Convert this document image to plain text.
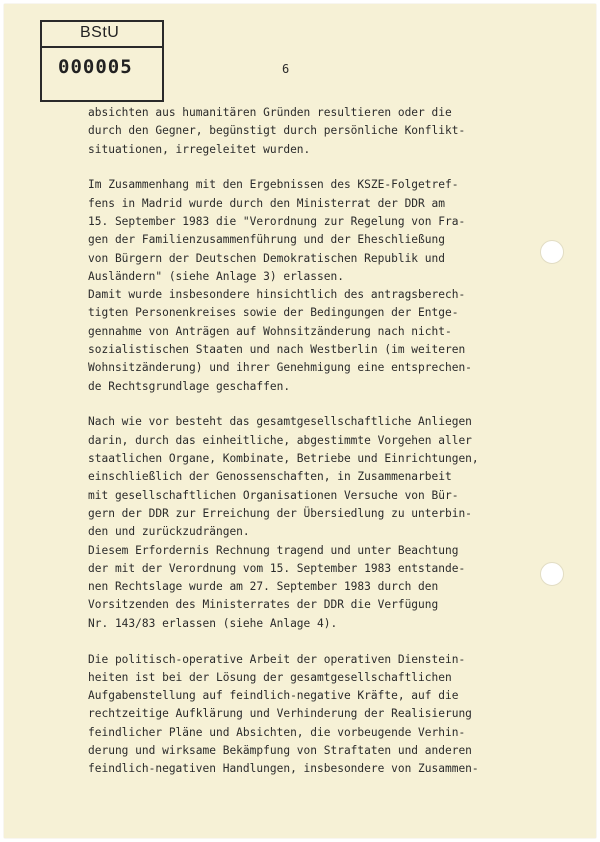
BStU
000005	6
absichten aus humanitären Gründen resultieren oder die
durch den Gegner, begünstigt durch persönliche Konflikt-
situationen, irregeleitet wurden.
Im Zusammenhang mit den Ergebnissen des KSZE-Folgetref-
fens in Madrid wurde durch den Ministerrat der DDR am
15. September 1983 die "Verordnung zur Regelung von Fra-
gen der Familienzusammenführung und der Eheschließung
von Bürgern der Deutschen Demokratischen Republik und
Ausländern" (siehe Anlage 3) erlassen.
Damit wurde insbesondere hinsichtlich des antragsberech-
tigten Personenkreises sowie der Bedingungen der Entge-
gennahme von Anträgen auf Wohnsitzänderung nach nicht-
sozialistischen Staaten und nach Westberlin (im weiteren
Wohnsitzänderung) und ihrer Genehmigung eine entsprechen-
de Rechtsgrundlage geschaffen.
Nach wie vor besteht das gesamtgesellschaftliche Anliegen
darin, durch das einheitliche, abgestimmte Vorgehen aller
staatlichen Organe, Kombinate, Betriebe und Einrichtungen,
einschließlich der Genossenschaften, in Zusammenarbeit
mit gesellschaftlichen Organisationen Versuche von Bür-
gern der DDR zur Erreichung der Übersiedlung zu unterbin-
den und zurückzudrängen.
Diesem Erfordernis Rechnung tragend und unter Beachtung
der mit der Verordnung vom 15. September 1983 entstande-
nen Rechtslage wurde am 27. September 1983 durch den
Vorsitzenden des Ministerrates der DDR die Verfügung
Nr. 143/83 erlassen (siehe Anlage 4).
Die politisch-operative Arbeit der operativen Dienstein-
heiten ist bei der Lösung der gesamtgesellschaftlichen
Aufgabenstellung auf feindlich-negative Kräfte, auf die
rechtzeitige Aufklärung und Verhinderung der Realisierung
feindlicher Pläne und Absichten, die vorbeugende Verhin-
derung und wirksame Bekämpfung von Straftaten und anderen
feindlich-negativen Handlungen, insbesondere von Zusammen-
